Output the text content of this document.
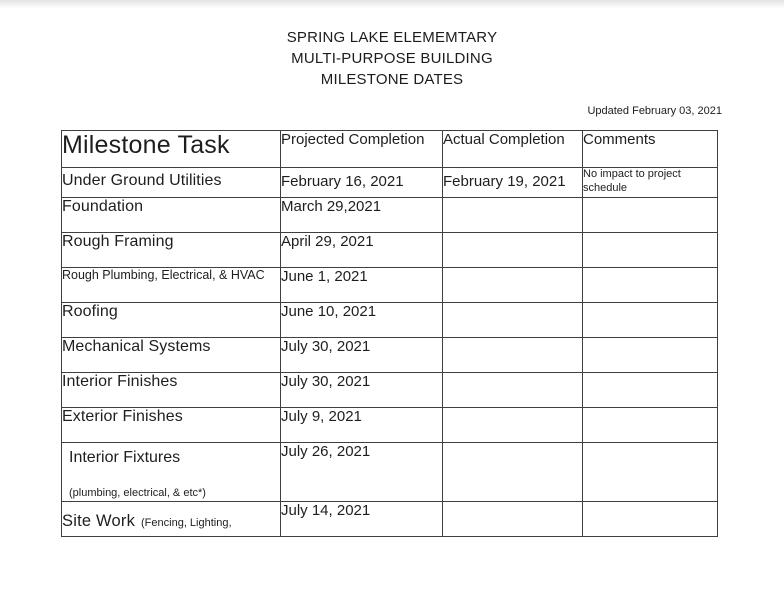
SPRING LAKE ELEMEMTARY
MULTI-PURPOSE BUILDING
MILESTONE DATES
Updated February 03, 2021
Milestone Task	Projected Completion	Actual Completion	Comments
Under Ground Utilities	February 16, 2021	February 19, 2021	No impact to project schedule
Foundation	March 29,2021		
Rough Framing	April 29, 2021		
Rough Plumbing, Electrical, & HVAC	June 1, 2021		
Roofing	June 10, 2021		
Mechanical Systems	July 30, 2021		
Interior Finishes	July 30, 2021		
Exterior Finishes	July 9, 2021		

Interior Fixtures
(plumbing, electrical, & etc*)	July 26, 2021		

Site Work (Fencing, Lighting,	July 14, 2021		
